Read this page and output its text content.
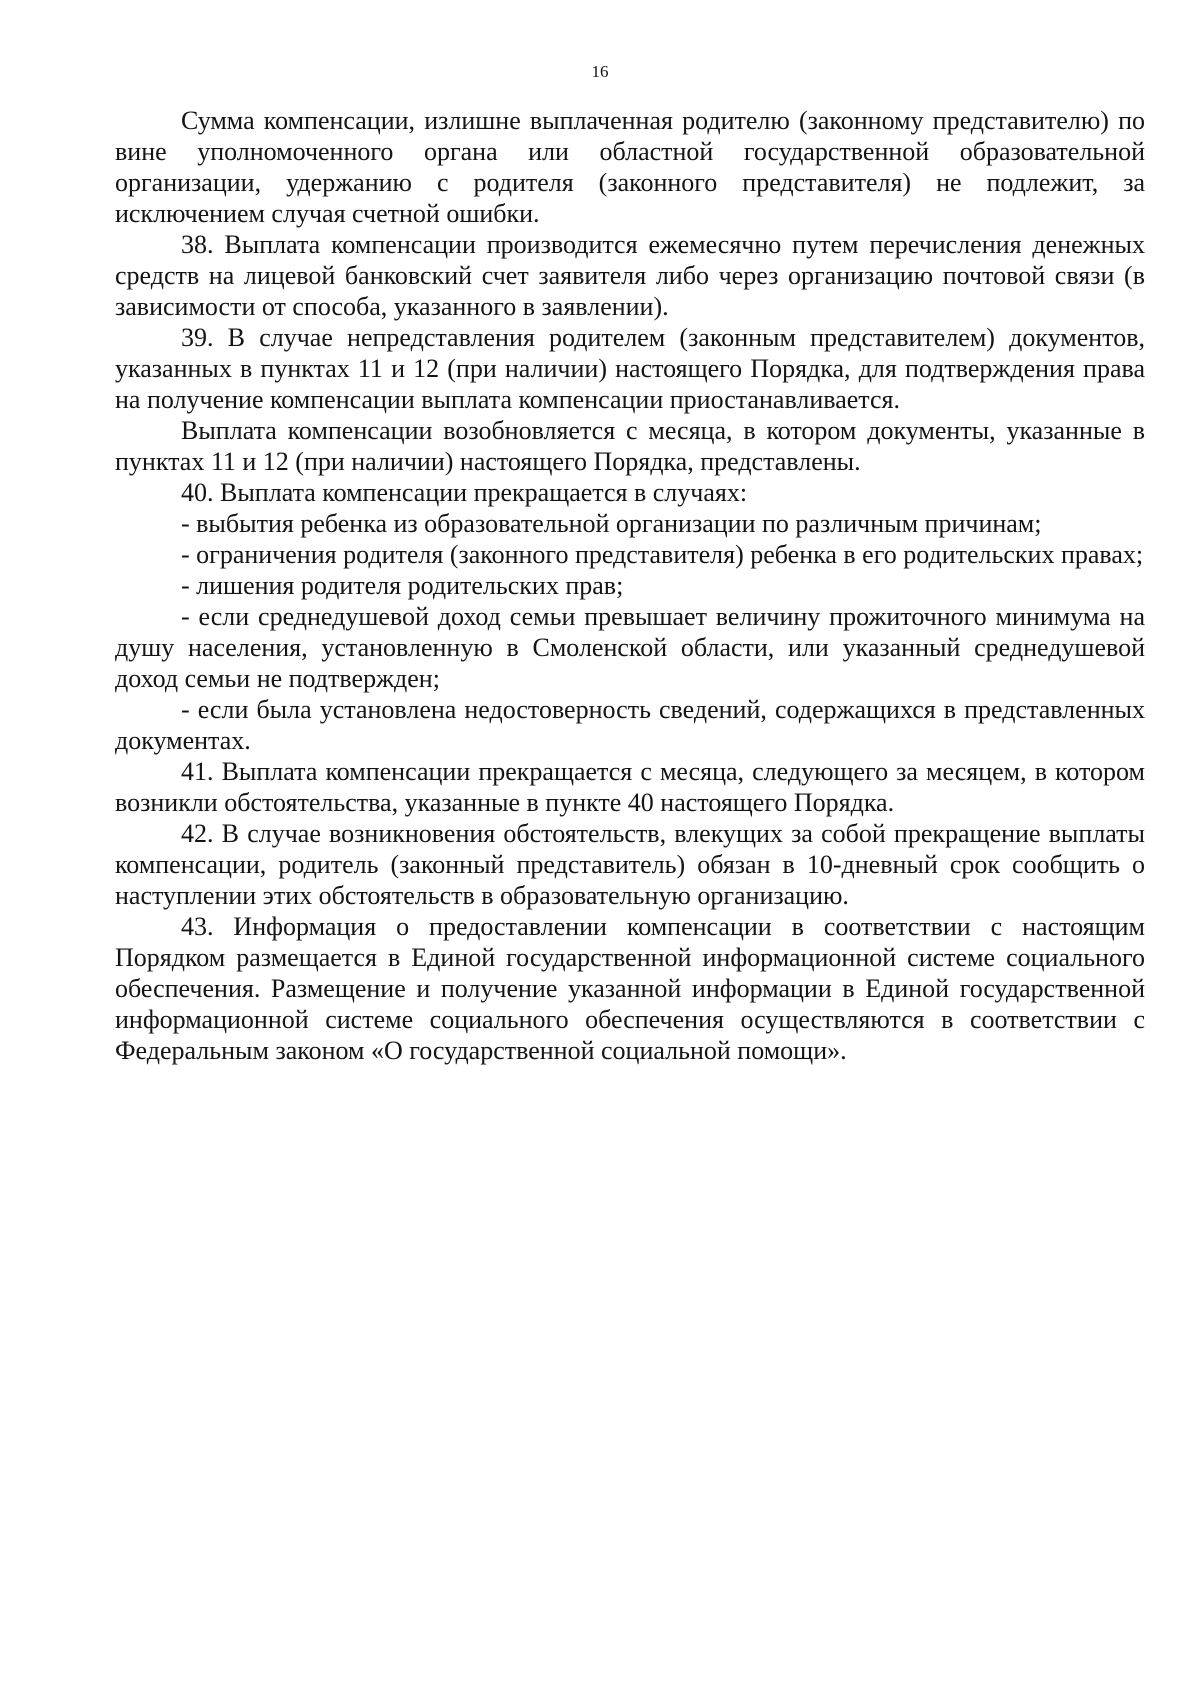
16

Сумма компенсации, излишне выплаченная родителю (законному представителю) по вине уполномоченного органа или областной государственной образовательной организации, удержанию с родителя (законного представителя) не подлежит, за исключением случая счетной ошибки.

38. Выплата компенсации производится ежемесячно путем перечисления денежных средств на лицевой банковский счет заявителя либо через организацию почтовой связи (в зависимости от способа, указанного в заявлении).

39. В случае непредставления родителем (законным представителем) документов, указанных в пунктах 11 и 12 (при наличии) настоящего Порядка, для подтверждения права на получение компенсации выплата компенсации приостанавливается.

Выплата компенсации возобновляется с месяца, в котором документы, указанные в пунктах 11 и 12 (при наличии) настоящего Порядка, представлены.

40. Выплата компенсации прекращается в случаях:

- выбытия ребенка из образовательной организации по различным причинам;

- ограничения родителя (законного представителя) ребенка в его родительских правах;

- лишения родителя родительских прав;

- если среднедушевой доход семьи превышает величину прожиточного минимума на душу населения, установленную в Смоленской области, или указанный среднедушевой доход семьи не подтвержден;

- если была установлена недостоверность сведений, содержащихся в представленных документах.

41. Выплата компенсации прекращается с месяца, следующего за месяцем, в котором возникли обстоятельства, указанные в пункте 40 настоящего Порядка.

42. В случае возникновения обстоятельств, влекущих за собой прекращение выплаты компенсации, родитель (законный представитель) обязан в 10-дневный срок сообщить о наступлении этих обстоятельств в образовательную организацию.

43. Информация о предоставлении компенсации в соответствии с настоящим Порядком размещается в Единой государственной информационной системе социального обеспечения. Размещение и получение указанной информации в Единой государственной информационной системе социального обеспечения осуществляются в соответствии с Федеральным законом «О государственной социальной помощи».
